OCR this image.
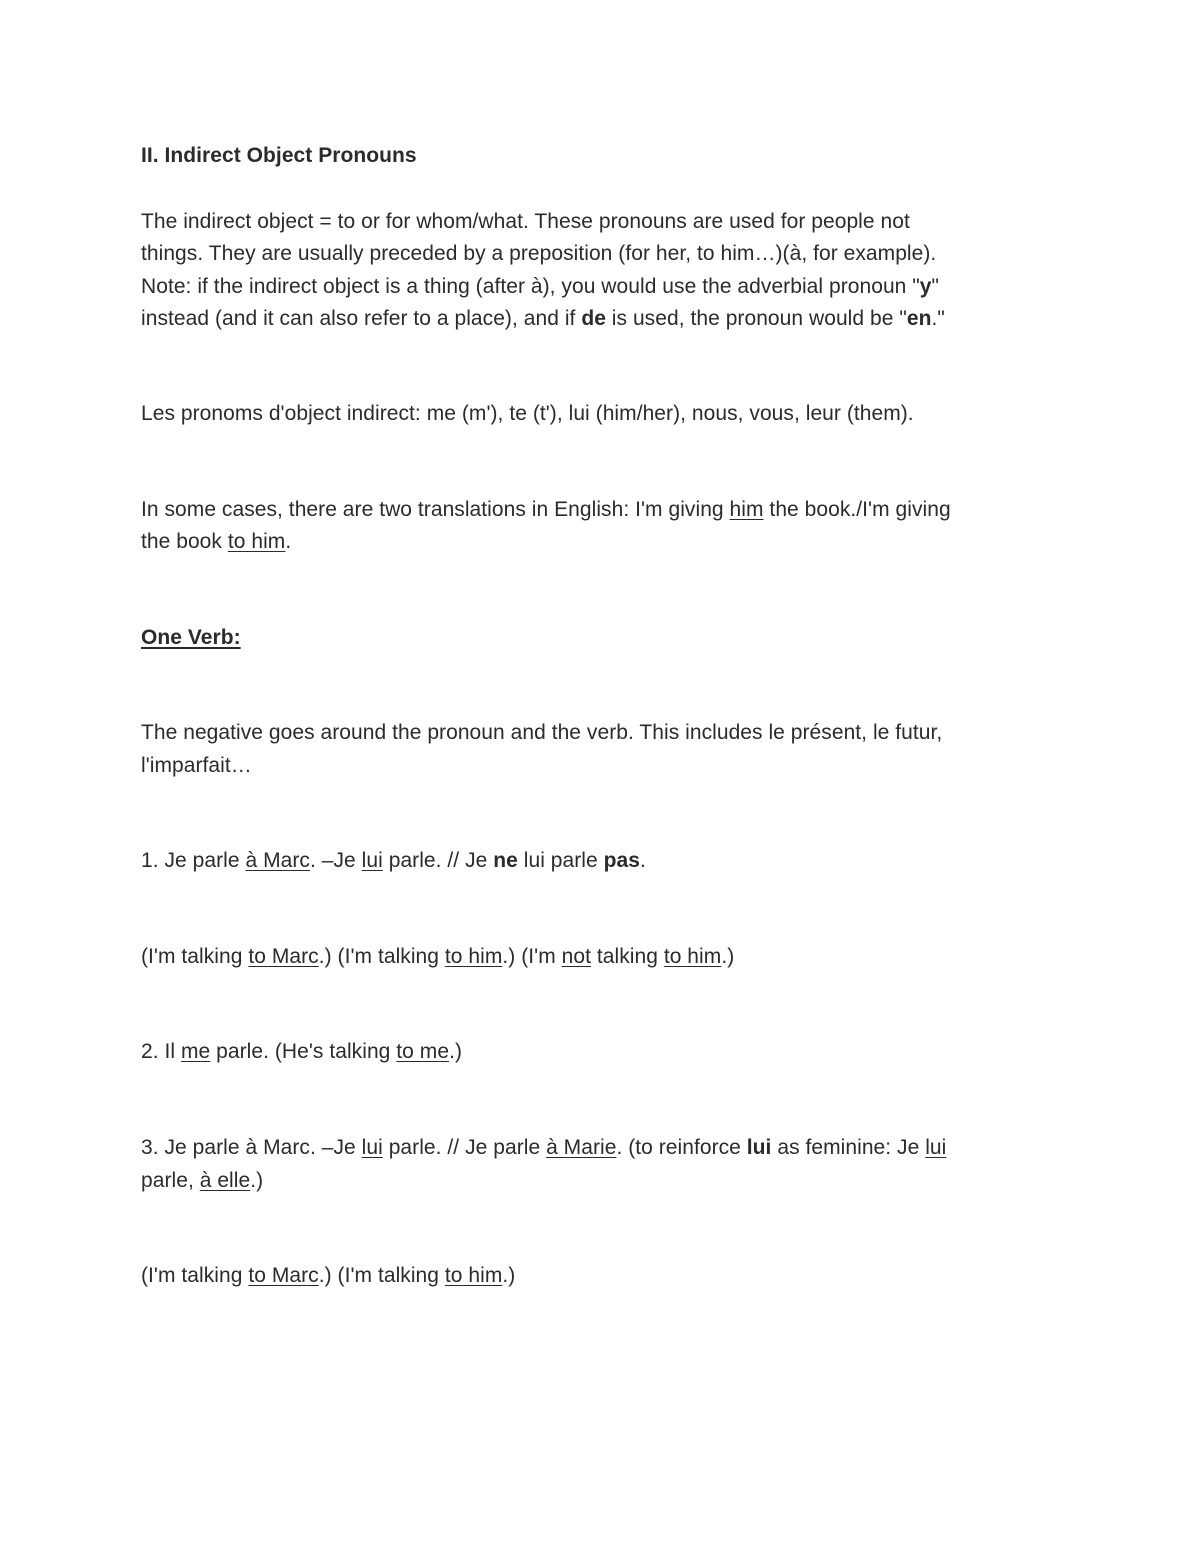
II. Indirect Object Pronouns
The indirect object = to or for whom/what. These pronouns are used for people not
things. They are usually preceded by a preposition (for her, to him…)(à, for example).
Note: if the indirect object is a thing (after à), you would use the adverbial pronoun "y"
instead (and it can also refer to a place), and if de is used, the pronoun would be "en."
Les pronoms d'object indirect: me (m'), te (t'), lui (him/her), nous, vous, leur (them).
In some cases, there are two translations in English: I'm giving him the book./I'm giving
the book to him.
One Verb:
The negative goes around the pronoun and the verb. This includes le présent, le futur,
l'imparfait…
1. Je parle à Marc. –Je lui parle. // Je ne lui parle pas.
(I'm talking to Marc.) (I'm talking to him.) (I'm not talking to him.)
2. Il me parle. (He's talking to me.)
3. Je parle à Marc. –Je lui parle. // Je parle à Marie. (to reinforce lui as feminine: Je lui
parle, à elle.)
(I'm talking to Marc.) (I'm talking to him.)
